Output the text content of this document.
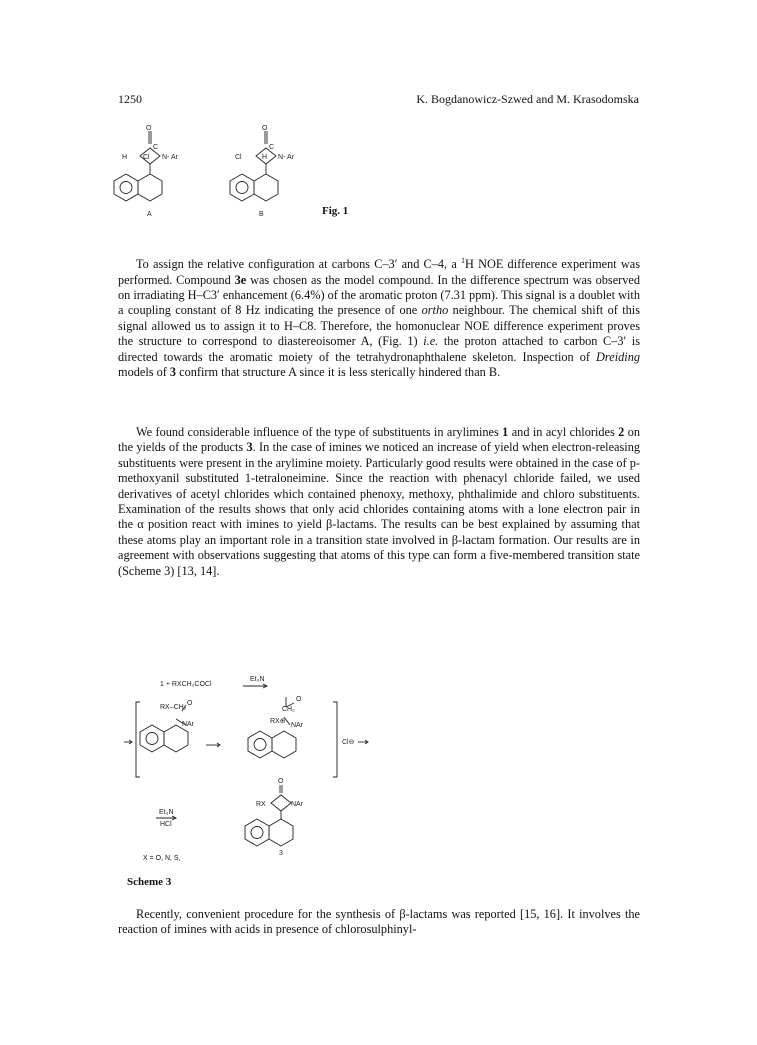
1250	K. Bogdanowicz-Szwed and M. Krasodomska
O
C
H Cl N- Ar
A
O
C
Cl	H N- Ar
B	Fig. 1

To assign the relative configuration at carbons C–3′ and C–4, a $^1$H NOE difference experiment was performed. Compound 3e was chosen as the model compound. In the difference spectrum was observed on irradiating H–C3′ enhancement (6.4%) of the aromatic proton (7.31 ppm). This signal is a doublet with a coupling constant of 8 Hz indicating the presence of one ortho neighbour. The chemical shift of this signal allowed us to assign it to H–C8. Therefore, the homonuclear NOE difference experiment proves the structure to correspond to diastereoisomer A, (Fig. 1) i.e. the proton attached to carbon C–3′ is directed towards the aromatic moiety of the tetrahydronaphthalene skeleton. Inspection of Dreiding models of 3 confirm that structure A since it is less sterically hindered than B.

We found considerable influence of the type of substituents in arylimines 1 and in acyl chlorides 2 on the yields of the products 3. In the case of imines we noticed an increase of yield when electron-releasing substituents were present in the arylimine moiety. Particularly good results were obtained in the case of p-methoxyanil substituted 1-tetraloneimine. Since the reaction with phenacyl chloride failed, we used derivatives of acetyl chlorides which contained phenoxy, methoxy, phthalimide and chloro substituents. Examination of the results shows that only acid chlorides containing atoms with a lone electron pair in the α position react with imines to yield β-lactams. The results can be best explained by assuming that these atoms play an important role in a transition state involved in β-lactam formation. Our results are in agreement with observations suggesting that atoms of this type can form a five-membered transition state (Scheme 3) [13, 14].

1 + RXCH₂COCl
Et₃N
RX–CH₂
O
NAr
CH₂
O
RX⊕
NAr
Cl⊖
O
RX	NAr
Et₃N
HCl
3
X = O, N, S,
Scheme 3

Recently, convenient procedure for the synthesis of β-lactams was reported [15, 16]. It involves the reaction of imines with acids in presence of chlorosulphinyl-
